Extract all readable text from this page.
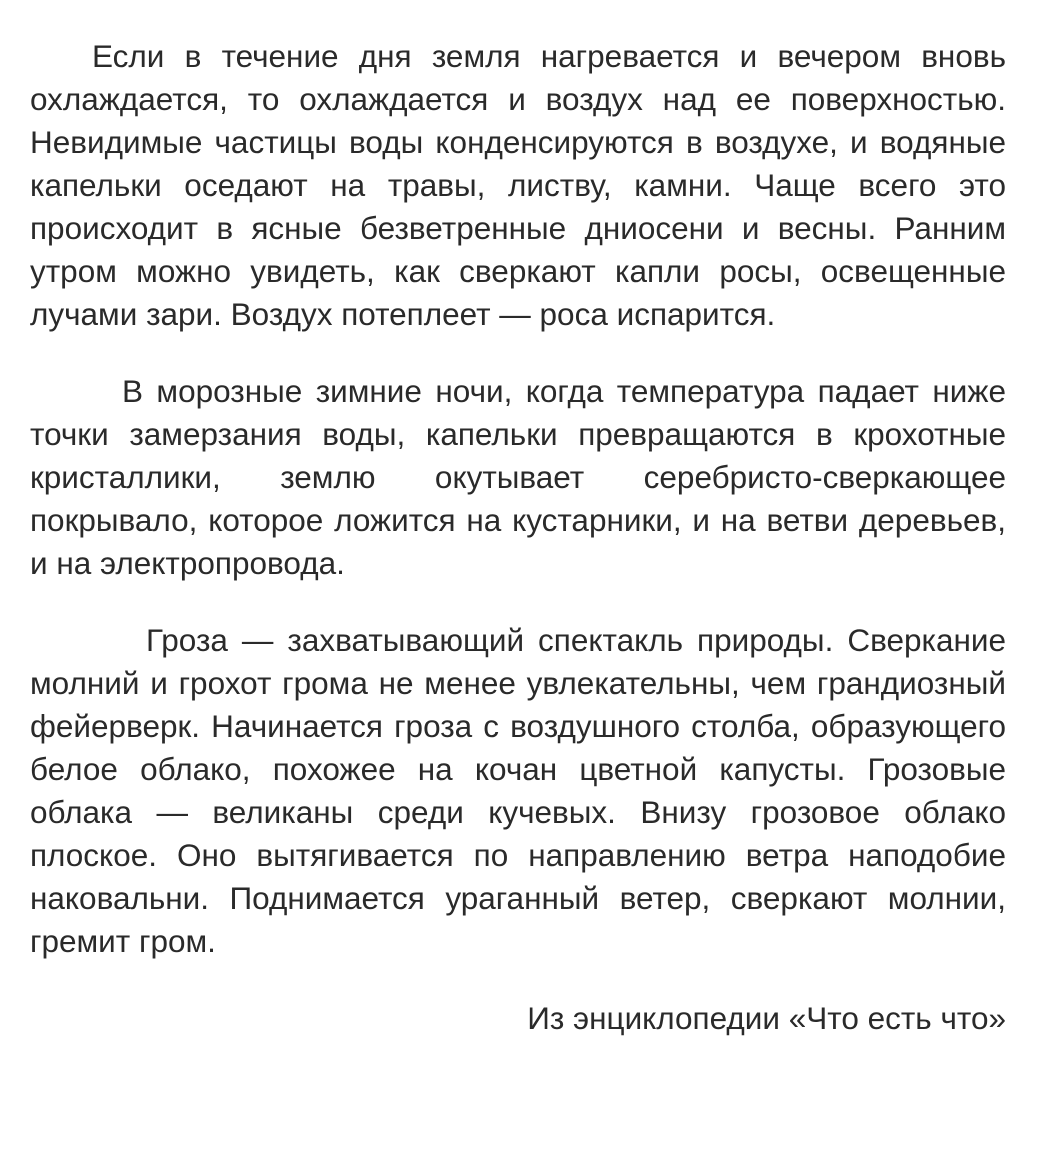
Если в течение дня земля нагревается и вечером вновь охлаждается, то охлаждается и воздух над ее поверхностью. Невидимые частицы воды конденсируются в воздухе, и водяные капельки оседают на травы, листву, камни. Чаще всего это происходит в ясные безветренные дниосени и весны. Ранним утром можно увидеть, как сверкают капли росы, освещенные лучами зари. Воздух потеплеет — роса испарится.

В морозные зимние ночи, когда температура падает ниже точки замерзания воды, капельки превращаются в крохотные кристаллики, землю окутывает серебристо-сверкающее покрывало, которое ложится на кустарники, и на ветви деревьев, и на электропровода.

Гроза — захватывающий спектакль природы. Сверкание молний и грохот грома не менее увлекательны, чем грандиозный фейерверк. Начинается гроза с воздушного столба, образующего белое облако, похожее на кочан цветной капусты. Грозовые облака — великаны среди кучевых. Внизу грозовое облако плоское. Оно вытягивается по направлению ветра наподобие наковальни. Поднимается ураганный ветер, сверкают молнии, гремит гром.

Из энциклопедии «Что есть что»
